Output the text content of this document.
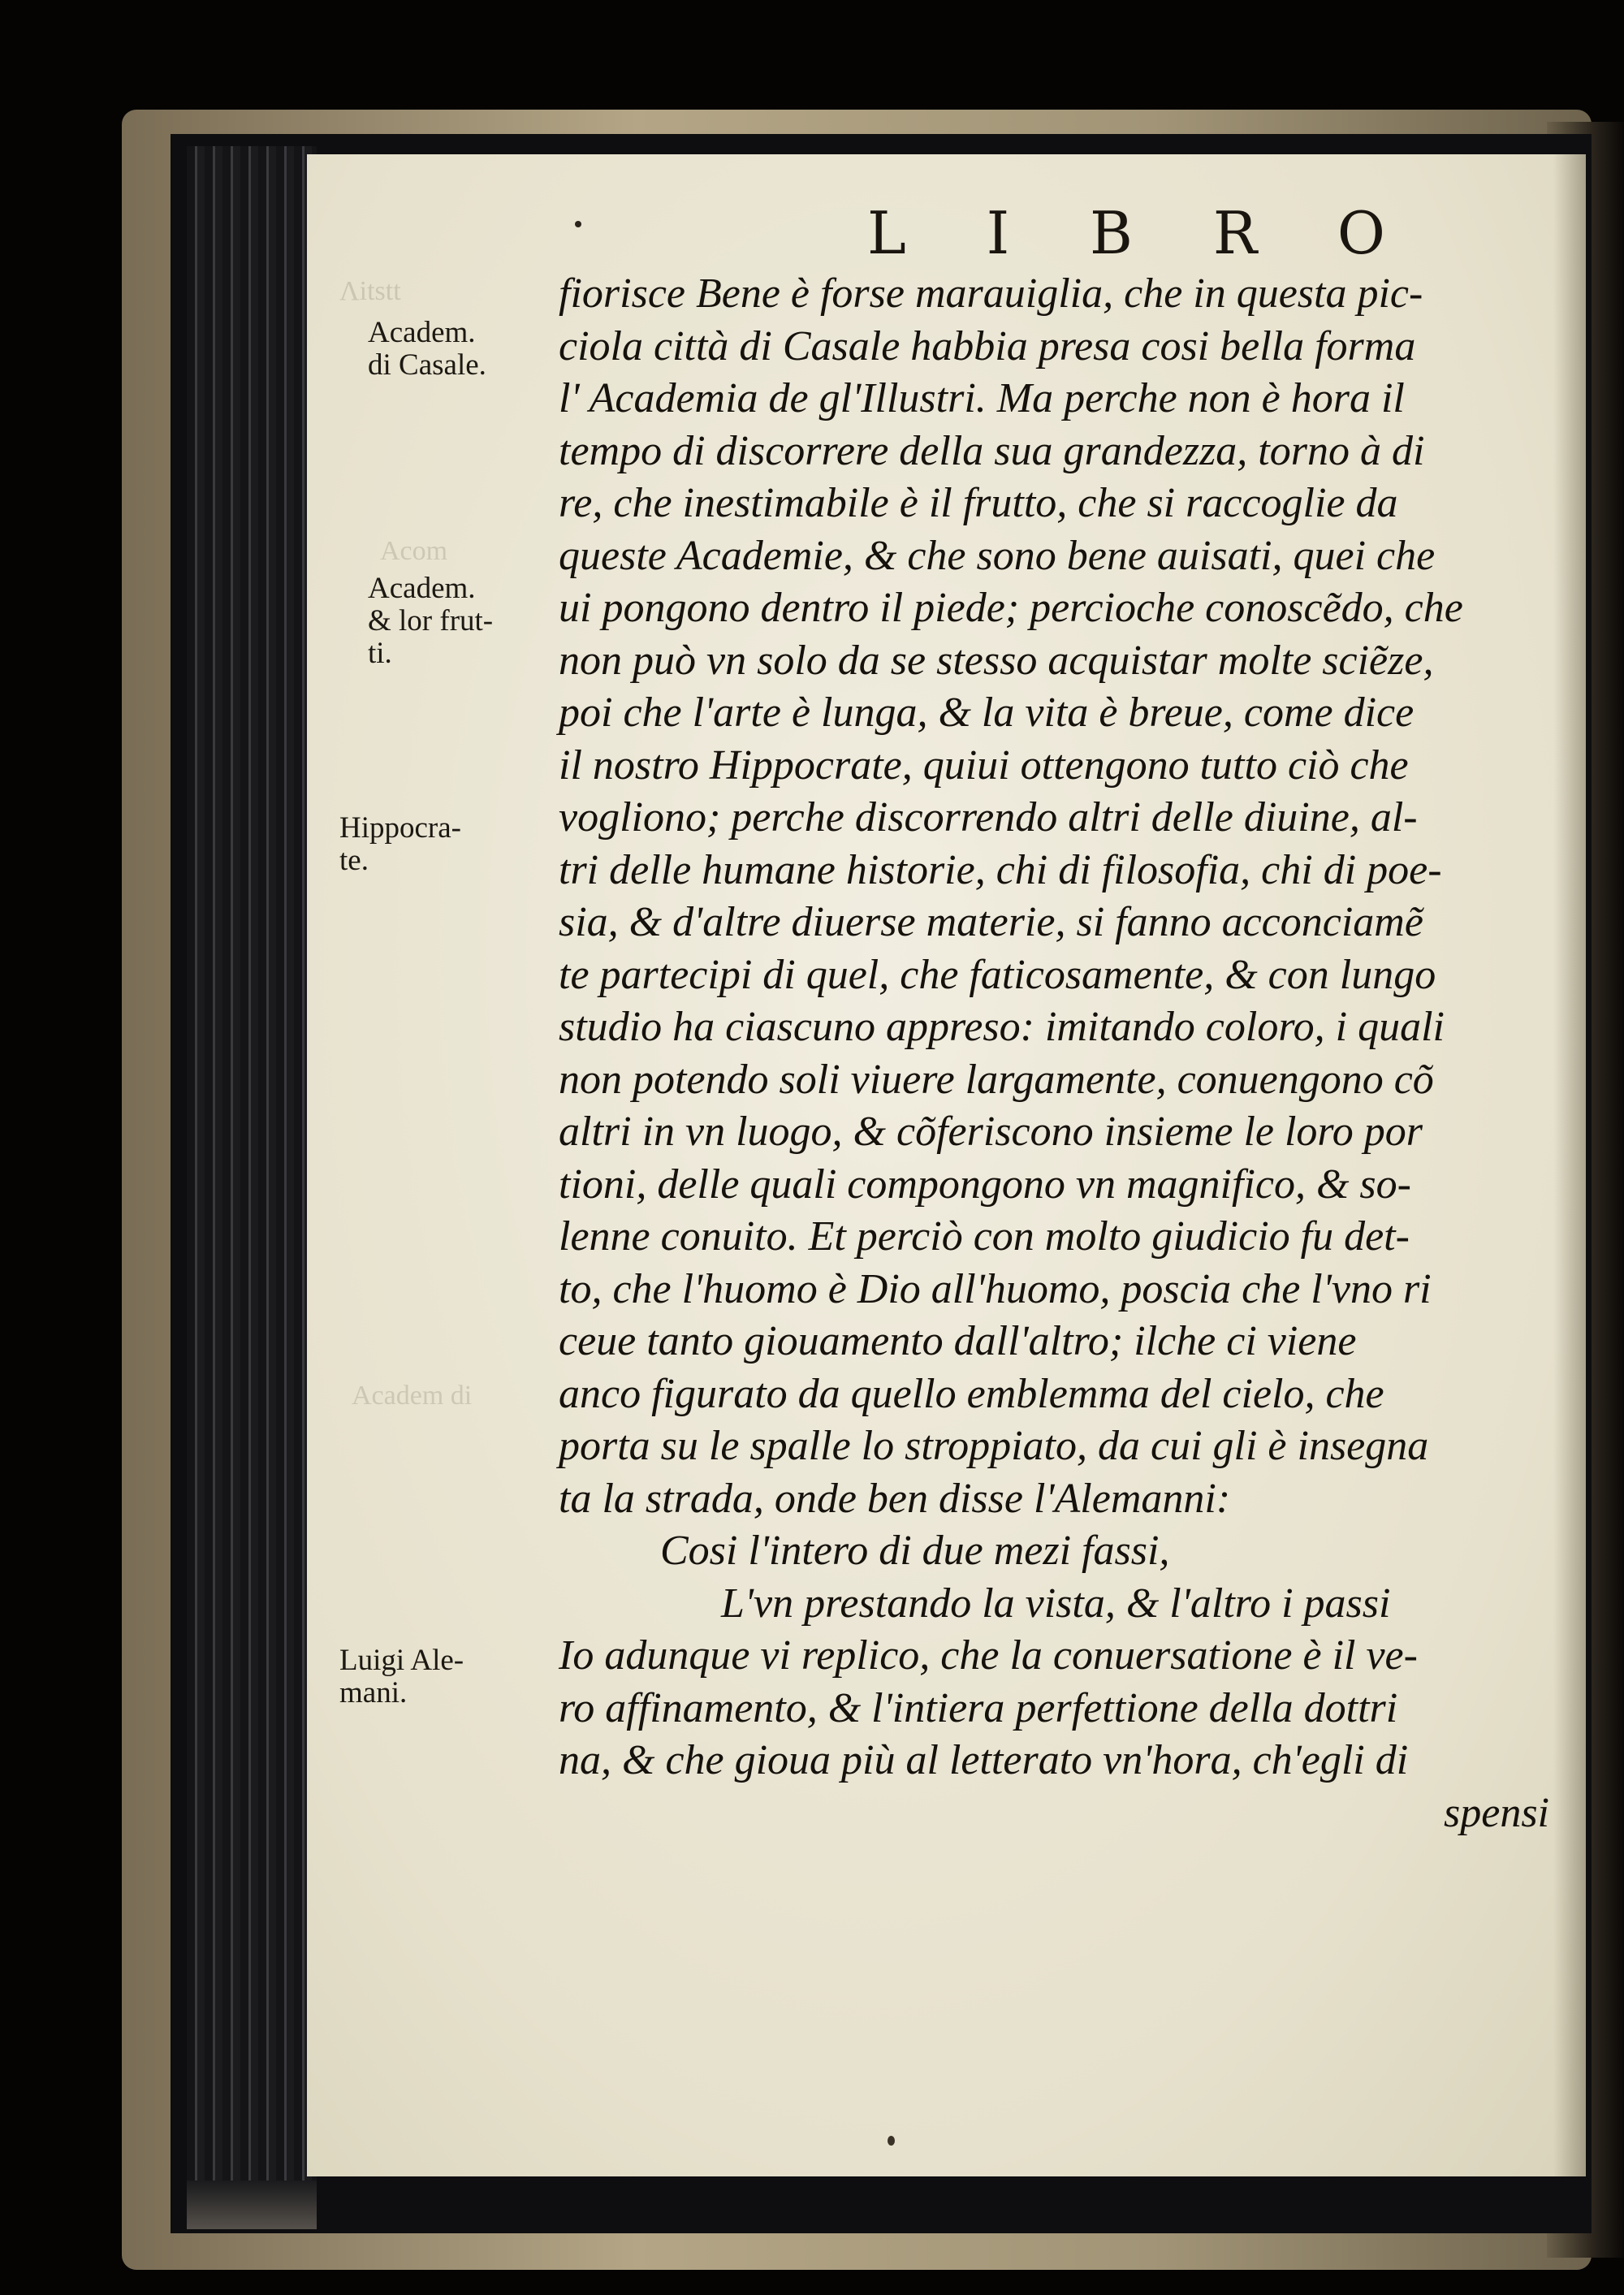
Λitstt
Acom
Academ di
L I B R O
Academ.
di Casale.
Academ.
& lor frut-
ti.
Hippocra-
te.
Luigi Ale-
mani.
fiorisce Bene è forse marauiglia, che in questa pic-
ciola città di Casale habbia presa cosi bella forma
l' Academia de gl'Illustri. Ma perche non è hora il
tempo di discorrere della sua grandezza, torno à di
re, che inestimabile è il frutto, che si raccoglie da
queste Academie, & che sono bene auisati, quei che
ui pongono dentro il piede; percioche conoscẽdo, che
non può vn solo da se stesso acquistar molte sciẽze,
poi che l'arte è lunga, & la vita è breue, come dice
il nostro Hippocrate, quiui ottengono tutto ciò che
vogliono; perche discorrendo altri delle diuine, al-
tri delle humane historie, chi di filosofia, chi di poe-
sia, & d'altre diuerse materie, si fanno acconciamẽ
te partecipi di quel, che faticosamente, & con lungo
studio ha ciascuno appreso: imitando coloro, i quali
non potendo soli viuere largamente, conuengono cõ
altri in vn luogo, & cõferiscono insieme le loro por
tioni, delle quali compongono vn magnifico, & so-
lenne conuito. Et perciò con molto giudicio fu det-
to, che l'huomo è Dio all'huomo, poscia che l'vno ri
ceue tanto giouamento dall'altro; ilche ci viene
anco figurato da quello emblemma del cielo, che
porta su le spalle lo stroppiato, da cui gli è insegna
ta la strada, onde ben disse l'Alemanni:
Cosi l'intero di due mezi fassi,
L'vn prestando la vista, & l'altro i passi
Io adunque vi replico, che la conuersatione è il ve-
ro affinamento, & l'intiera perfettione della dottri
na, & che gioua più al letterato vn'hora, ch'egli di
spensi
